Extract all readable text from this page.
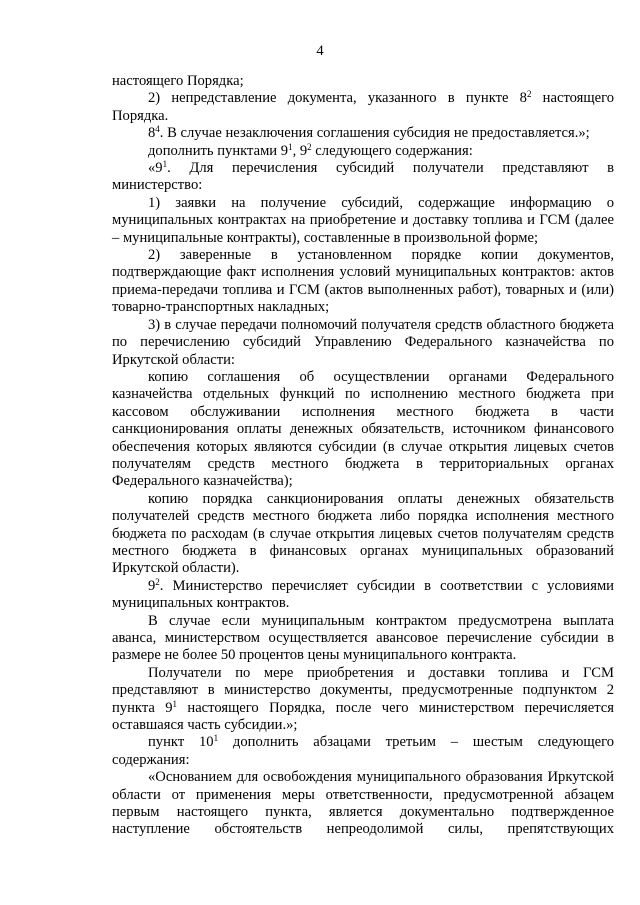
4

настоящего Порядка;

2) непредставление документа, указанного в пункте $8^2$ настоящего Порядка.

$8^4$. В случае незаключения соглашения субсидия не предоставляется.»;

дополнить пунктами $9^1$, $9^2$ следующего содержания:

«$9^1$. Для перечисления субсидий получатели представляют в министерство:

1) заявки на получение субсидий, содержащие информацию о муниципальных контрактах на приобретение и доставку топлива и ГСМ (далее – муниципальные контракты), составленные в произвольной форме;

2) заверенные в установленном порядке копии документов, подтверждающие факт исполнения условий муниципальных контрактов: актов приема-передачи топлива и ГСМ (актов выполненных работ), товарных и (или) товарно-транспортных накладных;

3) в случае передачи полномочий получателя средств областного бюджета по перечислению субсидий Управлению Федерального казначейства по Иркутской области:

копию соглашения об осуществлении органами Федерального казначейства отдельных функций по исполнению местного бюджета при кассовом обслуживании исполнения местного бюджета в части санкционирования оплаты денежных обязательств, источником финансового обеспечения которых являются субсидии (в случае открытия лицевых счетов получателям средств местного бюджета в территориальных органах Федерального казначейства);

копию порядка санкционирования оплаты денежных обязательств получателей средств местного бюджета либо порядка исполнения местного бюджета по расходам (в случае открытия лицевых счетов получателям средств местного бюджета в финансовых органах муниципальных образований Иркутской области).

$9^2$. Министерство перечисляет субсидии в соответствии с условиями муниципальных контрактов.

В случае если муниципальным контрактом предусмотрена выплата аванса, министерством осуществляется авансовое перечисление субсидии в размере не более 50 процентов цены муниципального контракта.

Получатели по мере приобретения и доставки топлива и ГСМ представляют в министерство документы, предусмотренные подпунктом 2 пункта $9^1$ настоящего Порядка, после чего министерством перечисляется оставшаяся часть субсидии.»;

пункт $10^1$ дополнить абзацами третьим – шестым следующего содержания:

«Основанием для освобождения муниципального образования Иркутской области от применения меры ответственности, предусмотренной абзацем первым настоящего пункта, является документально подтвержденное наступление обстоятельств непреодолимой силы, препятствующих
